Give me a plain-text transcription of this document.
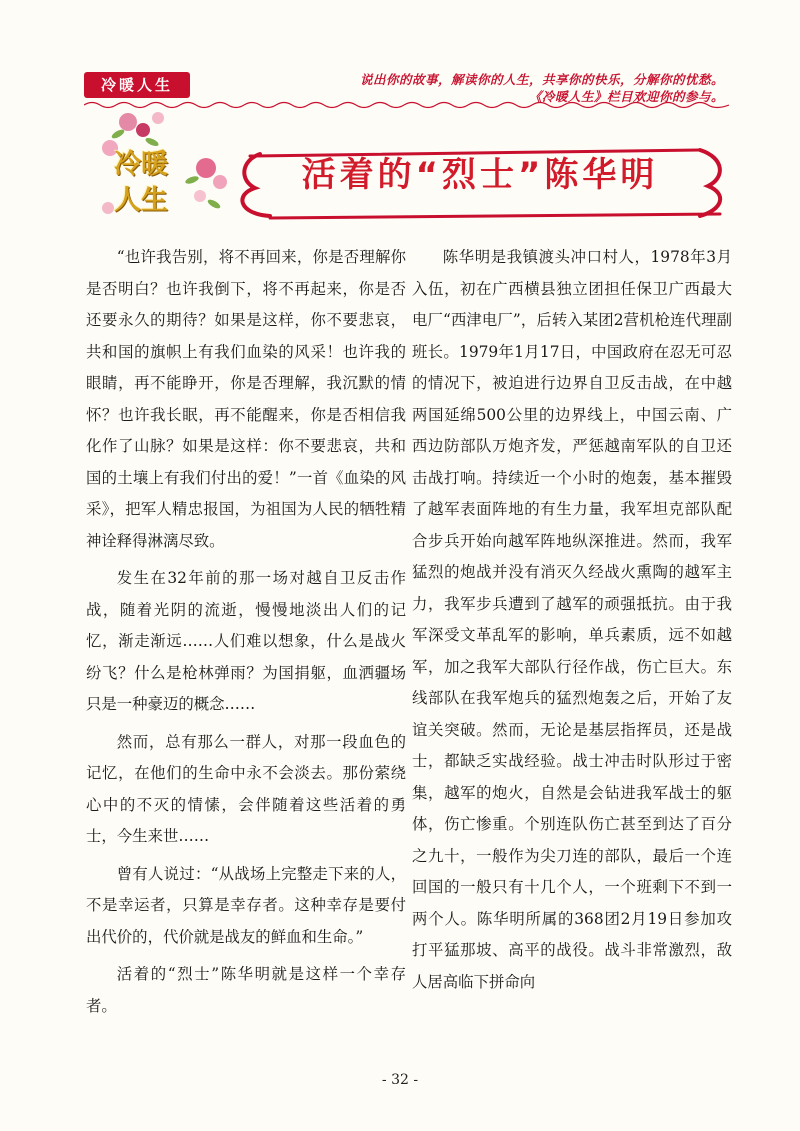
冷暖人生	说出你的故事，解读你的人生，共享你的快乐，分解你的忧愁。
《冷暖人生》栏目欢迎你的参与。
冷暖
人生
活着的“烈士”陈华明

“也许我告别，将不再回来，你是否理解你是否明白？也许我倒下，将不再起来，你是否还要永久的期待？如果是这样，你不要悲哀，共和国的旗帜上有我们血染的风采！也许我的眼睛，再不能睁开，你是否理解，我沉默的情怀？也许我长眠，再不能醒来，你是否相信我化作了山脉？如果是这样：你不要悲哀，共和国的土壤上有我们付出的爱！”一首《血染的风采》，把军人精忠报国，为祖国为人民的牺牲精神诠释得淋漓尽致。

发生在32年前的那一场对越自卫反击作战，随着光阴的流逝，慢慢地淡出人们的记忆，渐走渐远……人们难以想象，什么是战火纷飞？什么是枪林弹雨？为国捐躯，血洒疆场只是一种豪迈的概念……

然而，总有那么一群人，对那一段血色的记忆，在他们的生命中永不会淡去。那份萦绕心中的不灭的情愫，会伴随着这些活着的勇士，今生来世……

曾有人说过：“从战场上完整走下来的人，不是幸运者，只算是幸存者。这种幸存是要付出代价的，代价就是战友的鲜血和生命。”

活着的“烈士”陈华明就是这样一个幸存者。

陈华明是我镇渡头冲口村人，1978年3月入伍，初在广西横县独立团担任保卫广西最大电厂“西津电厂”，后转入某团2营机枪连代理副班长。1979年1月17日，中国政府在忍无可忍的情况下，被迫进行边界自卫反击战，在中越两国延绵500公里的边界线上，中国云南、广西边防部队万炮齐发，严惩越南军队的自卫还击战打响。持续近一个小时的炮轰，基本摧毁了越军表面阵地的有生力量，我军坦克部队配合步兵开始向越军阵地纵深推进。然而，我军猛烈的炮战并没有消灭久经战火熏陶的越军主力，我军步兵遭到了越军的顽强抵抗。由于我军深受文革乱军的影响，单兵素质，远不如越军，加之我军大部队行径作战，伤亡巨大。东线部队在我军炮兵的猛烈炮轰之后，开始了友谊关突破。然而，无论是基层指挥员，还是战士，都缺乏实战经验。战士冲击时队形过于密集，越军的炮火，自然是会钻进我军战士的躯体，伤亡惨重。个别连队伤亡甚至到达了百分之九十，一般作为尖刀连的部队，最后一个连回国的一般只有十几个人，一个班剩下不到一两个人。陈华明所属的368团2月19日参加攻打平猛那坡、高平的战役。战斗非常激烈，敌人居高临下拼命向

- 32 -
